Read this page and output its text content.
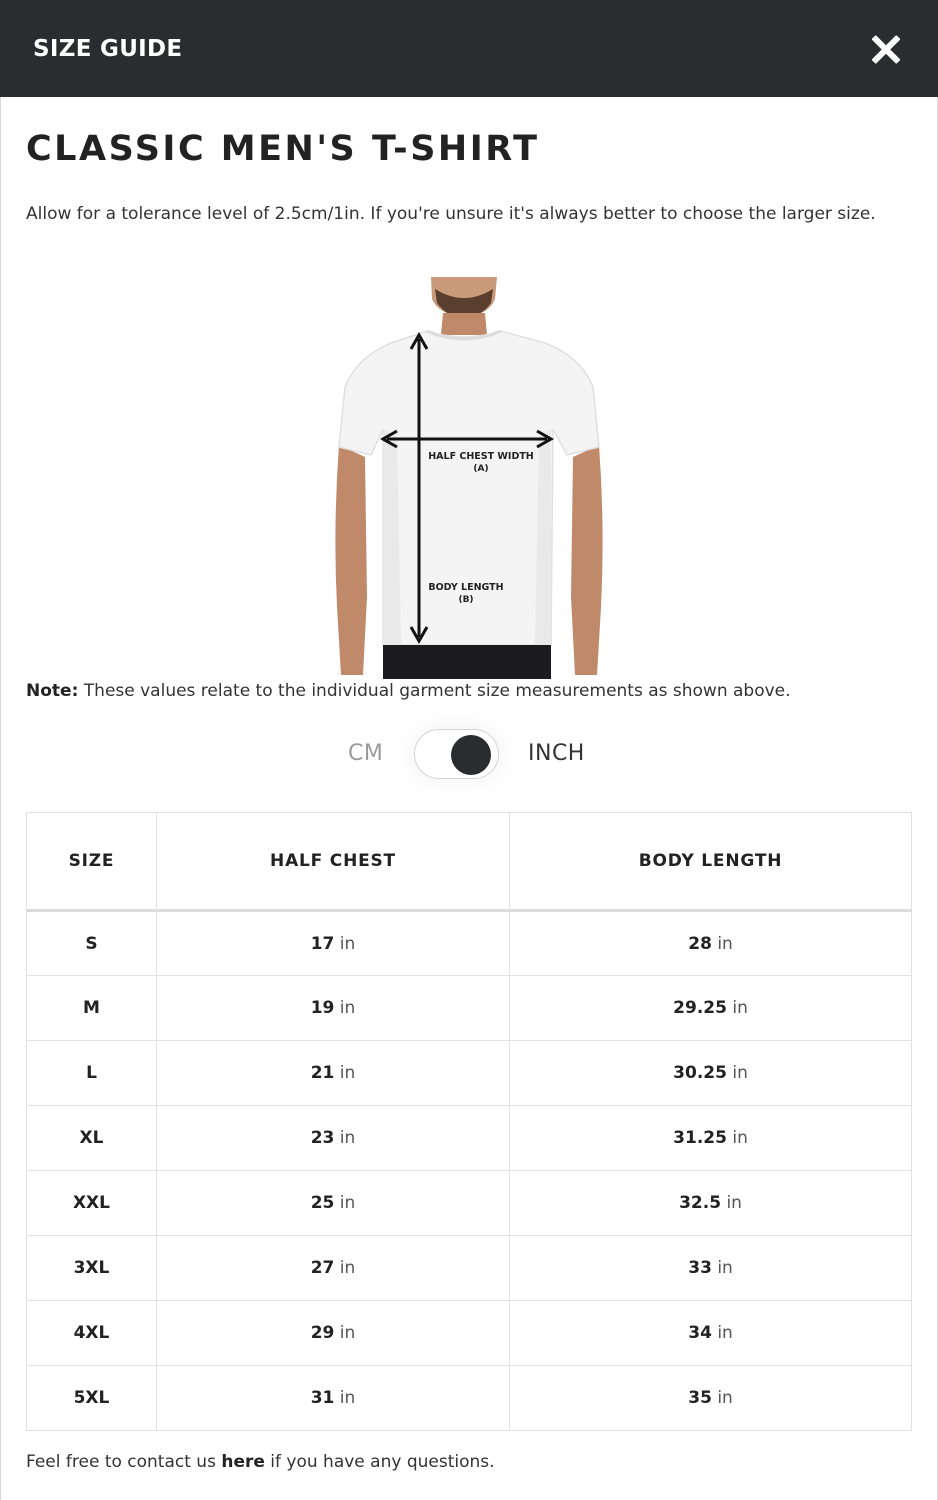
SIZE GUIDE
CLASSIC MEN'S T-SHIRT

Allow for a tolerance level of 2.5cm/1in. If you're unsure it's always better to choose the larger size.

HALF CHEST WIDTH
(A)
BODY LENGTH
(B)

Note: These values relate to the individual garment size measurements as shown above.

CM	INCH
SIZE	HALF CHEST	BODY LENGTH
S	17 in	28 in
M	19 in	29.25 in
L	21 in	30.25 in
XL	23 in	31.25 in
XXL	25 in	32.5 in
3XL	27 in	33 in
4XL	29 in	34 in
5XL	31 in	35 in

Feel free to contact us here if you have any questions.
